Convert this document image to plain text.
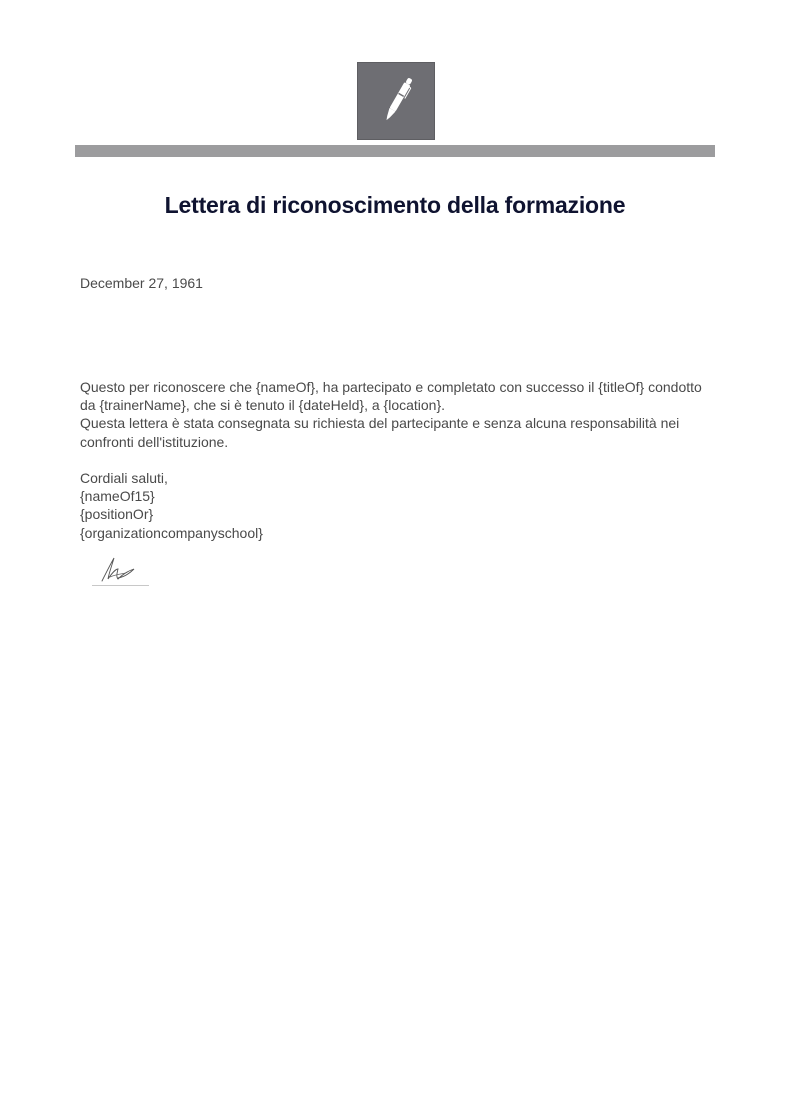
Lettera di riconoscimento della formazione
December 27, 1961

Questo per riconoscere che {nameOf}, ha partecipato e completato con successo il {titleOf} condotto da {trainerName}, che si è tenuto il {dateHeld}, a {location}.

Questa lettera è stata consegnata su richiesta del partecipante e senza alcuna responsabilità nei confronti dell'istituzione.

Cordiali saluti,
{nameOf15}
{positionOr}
{organizationcompanyschool}
